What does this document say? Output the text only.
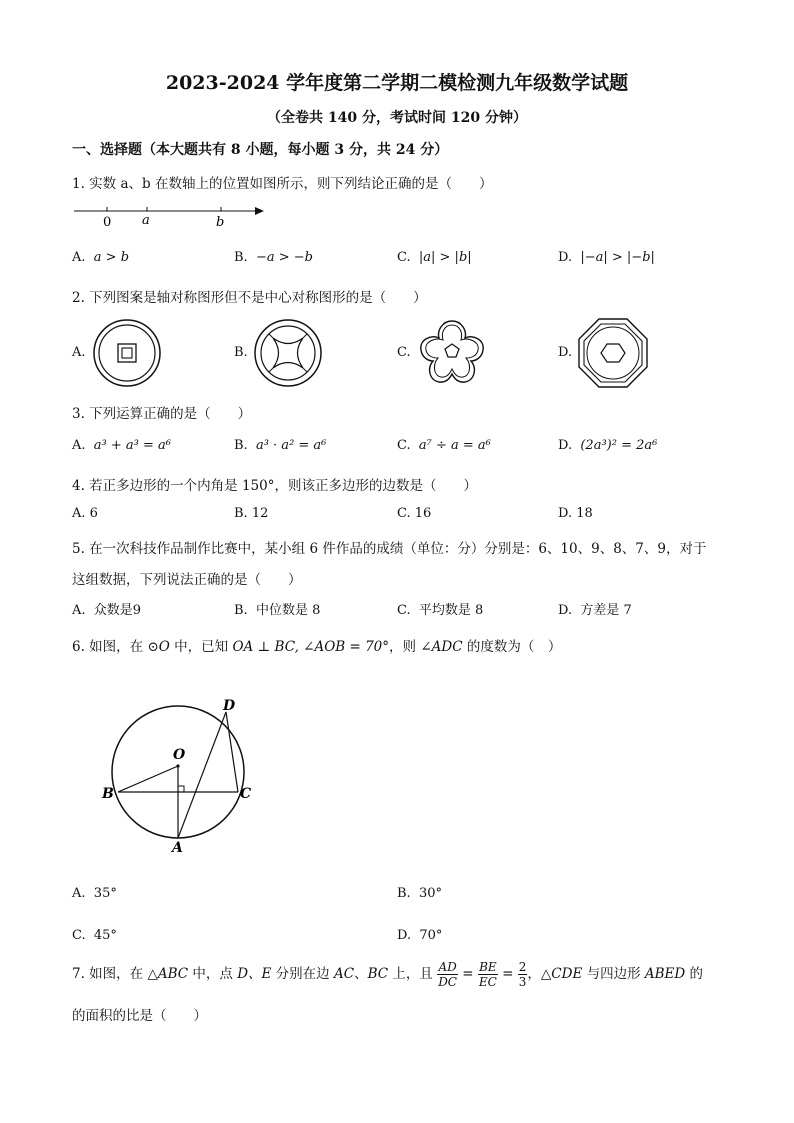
2023-2024 学年度第二学期二模检测九年级数学试题
（全卷共 140 分，考试时间 120 分钟）
一、选择题（本大题共有 8 小题，每小题 3 分，共 24 分）
1. 实数 a、b 在数轴上的位置如图所示，则下列结论正确的是（　　）
0 a	b
A. a > b	B. −a > −b	C. |a| > |b|	D. |−a| > |−b|
2. 下列图案是轴对称图形但不是中心对称图形的是（　　）
A.	B.	C.	D.
3. 下列运算正确的是（　　）
A. a³ + a³ = a⁶	B. a³ · a² = a⁶	C. a⁷ ÷ a = a⁶	D. (2a³)² = 2a⁶
4. 若正多边形的一个内角是 150°，则该正多边形的边数是（　　）
A. 6	B. 12	C. 16	D. 18
5. 在一次科技作品制作比赛中，某小组 6 件作品的成绩（单位：分）分别是：6、10、9、8、7、9，对于
这组数据，下列说法正确的是（　　）
A. 众数是9	B. 中位数是 8	C. 平均数是 8	D. 方差是 7
6. 如图，在 ⊙O 中，已知 OA ⊥ BC, ∠AOB = 70°，则 ∠ADC 的度数为（　）
D
O
B	C
A
A. 35°	B. 30°
C. 45°	D. 70°
7. 如图，在 △ABC 中，点 D、E 分别在边 AC、BC 上，且 $\frac{AD}{DC} = \frac{BE}{EC} = \frac{2}{3}$ ，△CDE 与四边形 ABED 的
的面积的比是（　　）
